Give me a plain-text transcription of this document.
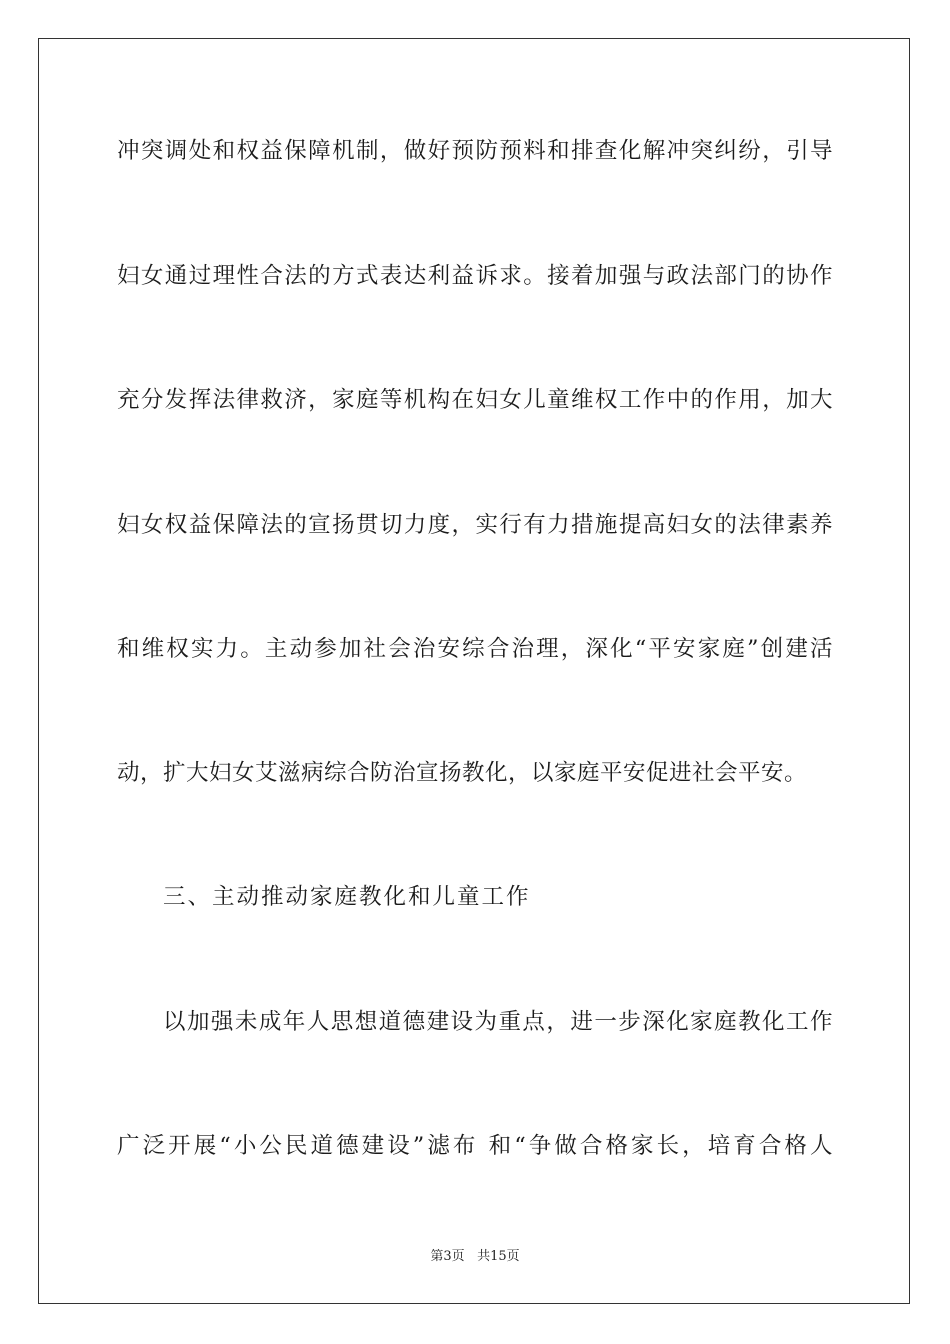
冲突调处和权益保障机制，做好预防预料和排查化解冲突纠纷，引导
妇女通过理性合法的方式表达利益诉求。接着加强与政法部门的协作
充分发挥法律救济，家庭等机构在妇女儿童维权工作中的作用，加大
妇女权益保障法的宣扬贯切力度，实行有力措施提高妇女的法律素养
和维权实力。主动参加社会治安综合治理，深化“平安家庭”创建活
动，扩大妇女艾滋病综合防治宣扬教化，以家庭平安促进社会平安。
三、主动推动家庭教化和儿童工作
以加强未成年人思想道德建设为重点，进一步深化家庭教化工作
广泛开展“小公民道德建设”滤布 和“争做合格家长，培育合格人
第3页 共15页
